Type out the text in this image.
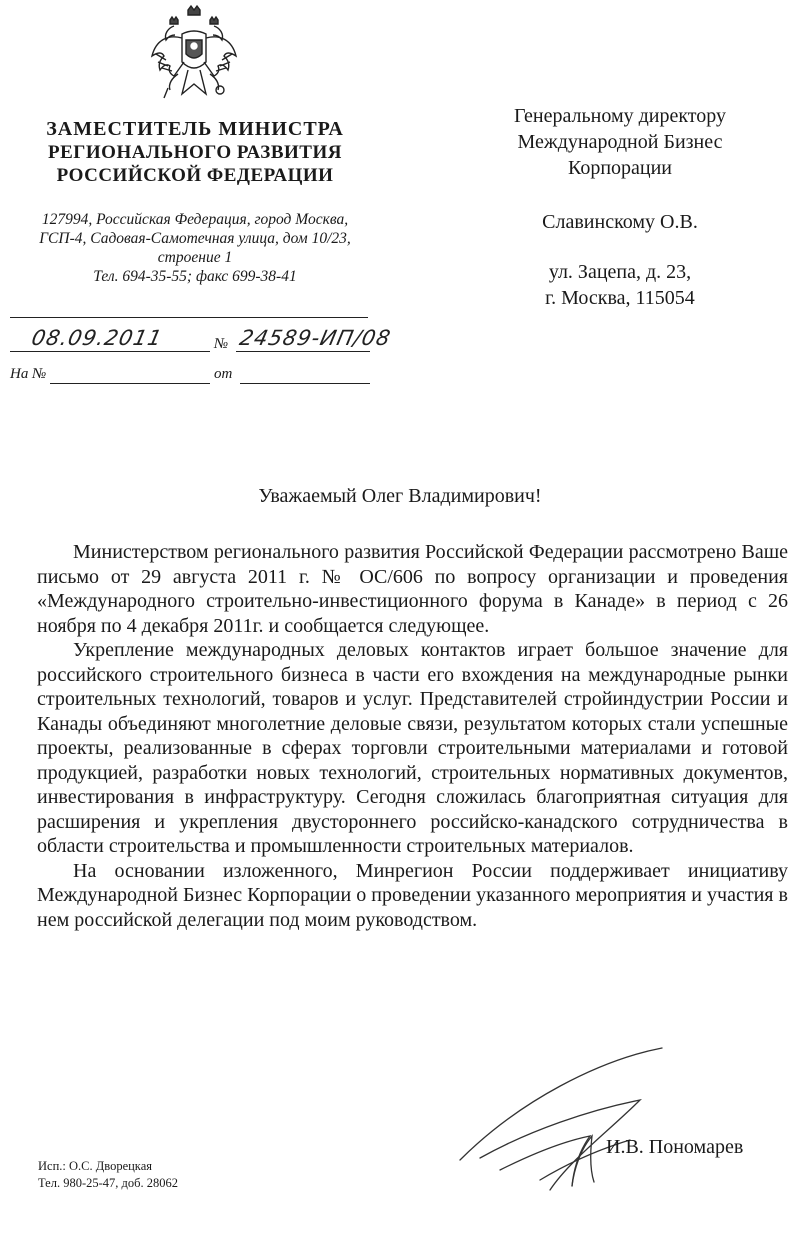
ЗАМЕСТИТЕЛЬ МИНИСТРА
РЕГИОНАЛЬНОГО РАЗВИТИЯ
РОССИЙСКОЙ ФЕДЕРАЦИИ
127994, Российская Федерация, город Москва,
ГСП-4, Садовая-Самотечная улица, дом 10/23,
строение 1
Тел. 694-35-55; факс 699-38-41
08.09.2011	№ 24589-ИП/08
На №	от
Генеральному директору
Международной Бизнес
Корпорации
Славинскому О.В.
ул. Зацепа, д. 23,
г. Москва, 115054
Уважаемый Олег Владимирович!

Министерством регионального развития Российской Федерации рассмотрено Ваше письмо от 29 августа 2011 г. № ОС/606 по вопросу организации и проведения «Международного строительно-инвестиционного форума в Канаде» в период с 26 ноября по 4 декабря 2011г. и сообщается следующее.

Укрепление международных деловых контактов играет большое значение для российского строительного бизнеса в части его вхождения на международные рынки строительных технологий, товаров и услуг. Представителей стройиндустрии России и Канады объединяют многолетние деловые связи, результатом которых стали успешные проекты, реализованные в сферах торговли строительными материалами и готовой продукцией, разработки новых технологий, строительных нормативных документов, инвестирования в инфраструктуру. Сегодня сложилась благоприятная ситуация для расширения и укрепления двустороннего российско-канадского сотрудничества в области строительства и промышленности строительных материалов.

На основании изложенного, Минрегион России поддерживает инициативу Международной Бизнес Корпорации о проведении указанного мероприятия и участия в нем российской делегации под моим руководством.

И.В. Пономарев
Исп.: О.С. Дворецкая
Тел. 980-25-47, доб. 28062
